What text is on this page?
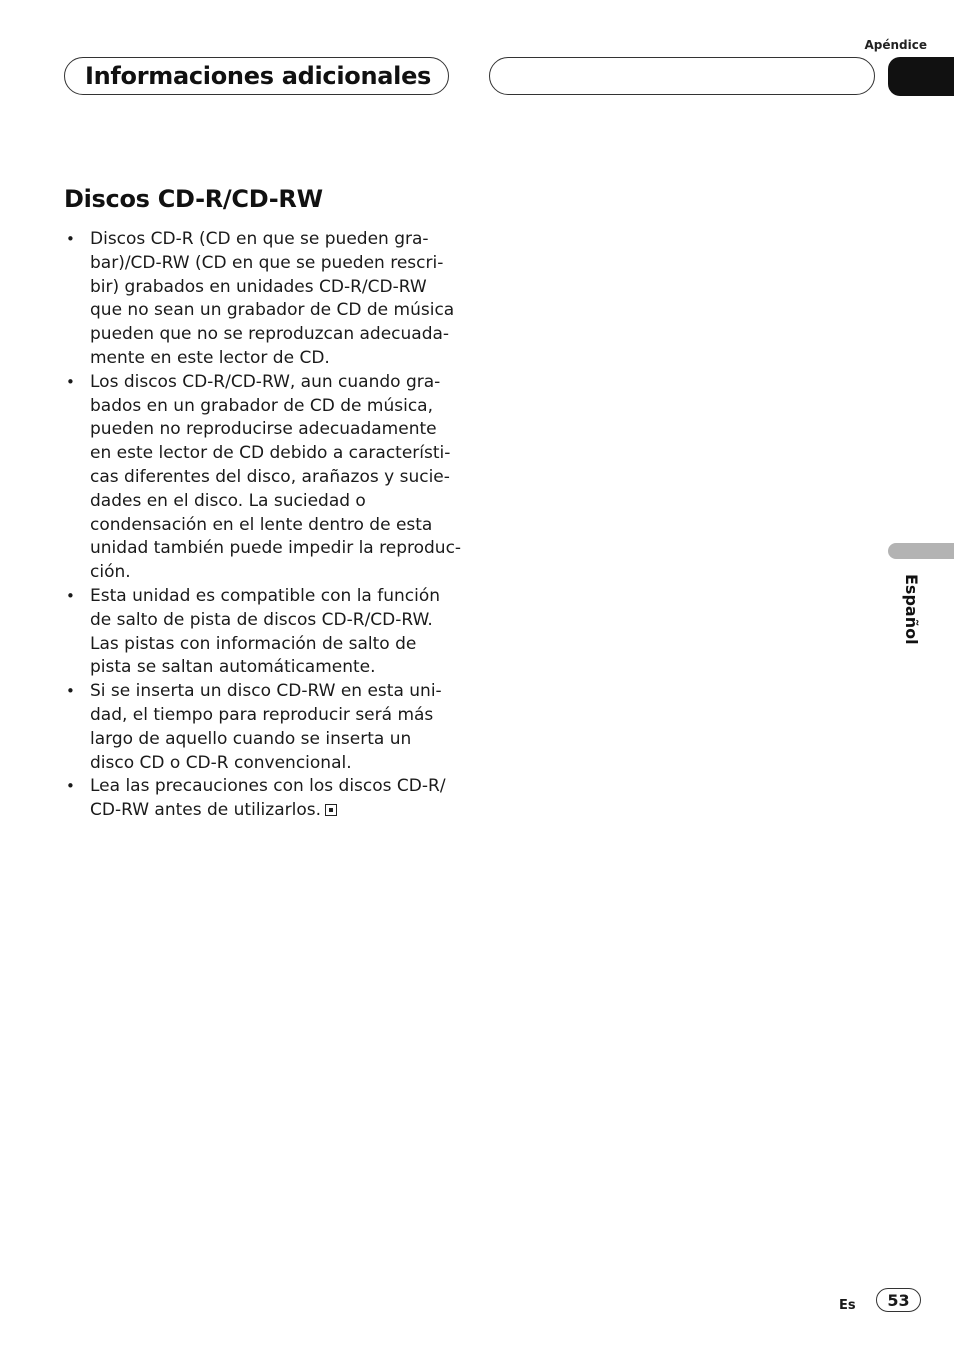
Apéndice
Informaciones adicionales
Discos CD-R/CD-RW
• Discos CD-R (CD en que se pueden gra-
bar)/CD-RW (CD en que se pueden rescri-
bir) grabados en unidades CD-R/CD-RW
que no sean un grabador de CD de música
pueden que no se reproduzcan adecuada-
mente en este lector de CD.
• Los discos CD-R/CD-RW, aun cuando gra-
bados en un grabador de CD de música,
pueden no reproducirse adecuadamente
en este lector de CD debido a característi-
cas diferentes del disco, arañazos y sucie-
dades en el disco. La suciedad o
condensación en el lente dentro de esta
unidad también puede impedir la reproduc-
ción.
• Esta unidad es compatible con la función
de salto de pista de discos CD-R/CD-RW.
Las pistas con información de salto de
pista se saltan automáticamente.
• Si se inserta un disco CD-RW en esta uni-
dad, el tiempo para reproducir será más
largo de aquello cuando se inserta un
disco CD o CD-R convencional.
• Lea las precauciones con los discos CD-R/
CD-RW antes de utilizarlos.
Español
Es	53
